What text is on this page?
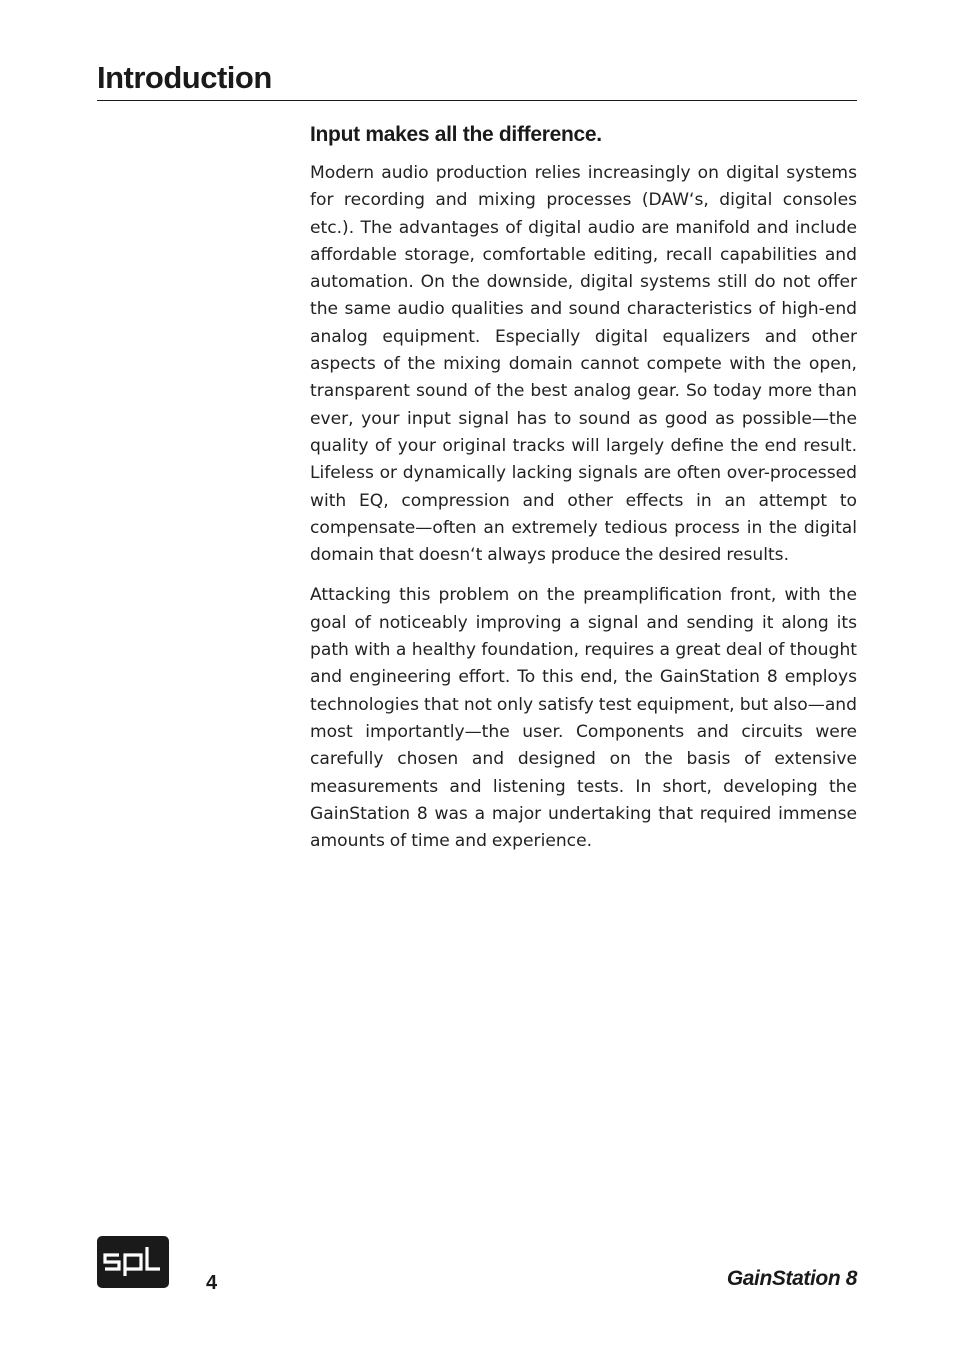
Introduction
Input makes all the difference.

Modern audio production relies increasingly on digital systems for recording and mixing processes (DAW‘s, digital consoles etc.). The advantages of digital audio are manifold and include affordable storage, comfortable editing, recall capabilities and automation. On the downside, digital systems still do not offer the same audio qualities and sound characteristics of high-end analog equipment. Especially digital equalizers and other aspects of the mixing domain cannot compete with the open, transparent sound of the best analog gear. So today more than ever, your input signal has to sound as good as possible—the quality of your original tracks will largely define the end result. Lifeless or dynamically lacking signals are often over-processed with EQ, compression and other effects in an attempt to compensate—often an extremely tedious process in the digital domain that doesn‘t always produce the desired results.

Attacking this problem on the preamplification front, with the goal of noticeably improving a signal and sending it along its path with a healthy foundation, requires a great deal of thought and engineering effort. To this end, the GainStation 8 employs technologies that not only satisfy test equipment, but also—and most importantly—the user. Components and circuits were carefully chosen and designed on the basis of extensive measurements and listening tests. In short, developing the GainStation 8 was a major undertaking that required immense amounts of time and experience.

4	GainStation 8
